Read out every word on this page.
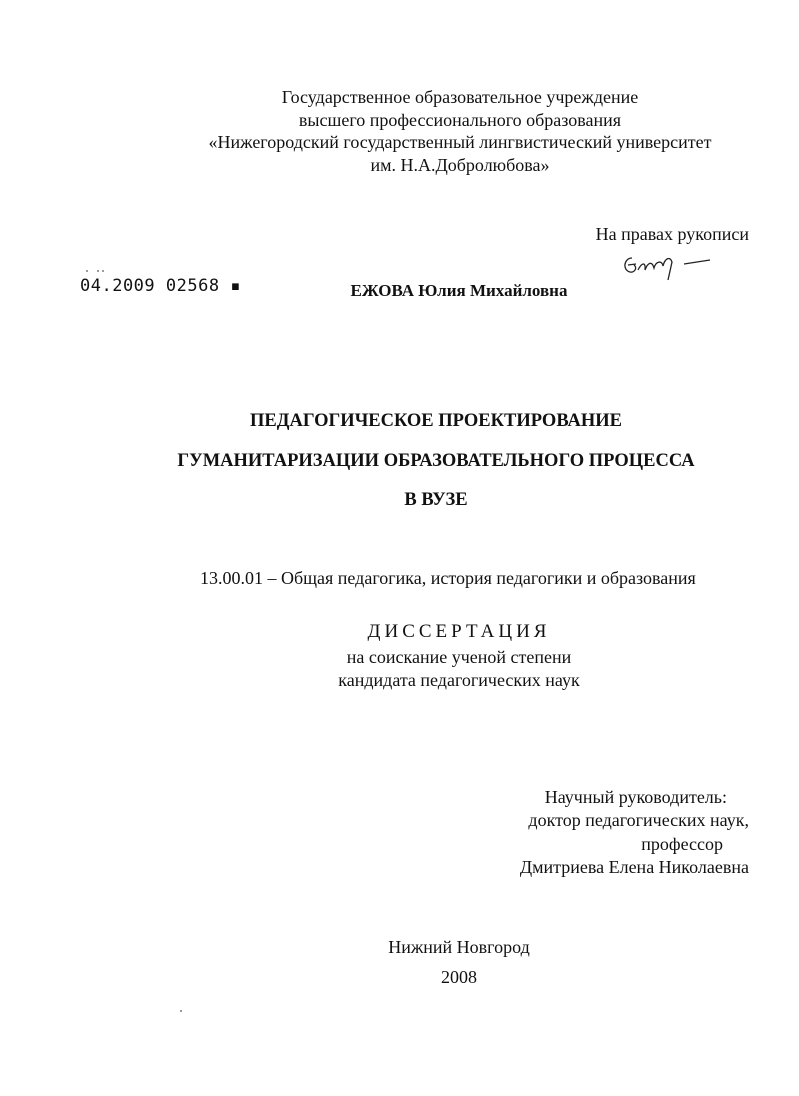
Государственное образовательное учреждение
высшего профессионального образования
«Нижегородский государственный лингвистический университет
им. Н.А.Добролюбова»
На правах рукописи
04.2009 02568 ▪	ЕЖОВА Юлия Михайловна
ПЕДАГОГИЧЕСКОЕ ПРОЕКТИРОВАНИЕ
ГУМАНИТАРИЗАЦИИ ОБРАЗОВАТЕЛЬНОГО ПРОЦЕССА
В ВУЗЕ
13.00.01 – Общая педагогика, история педагогики и образования
ДИССЕРТАЦИЯ
на соискание ученой степени
кандидата педагогических наук
Научный руководитель:
доктор педагогических наук,
профессор
Дмитриева Елена Николаевна
Нижний Новгород
2008
